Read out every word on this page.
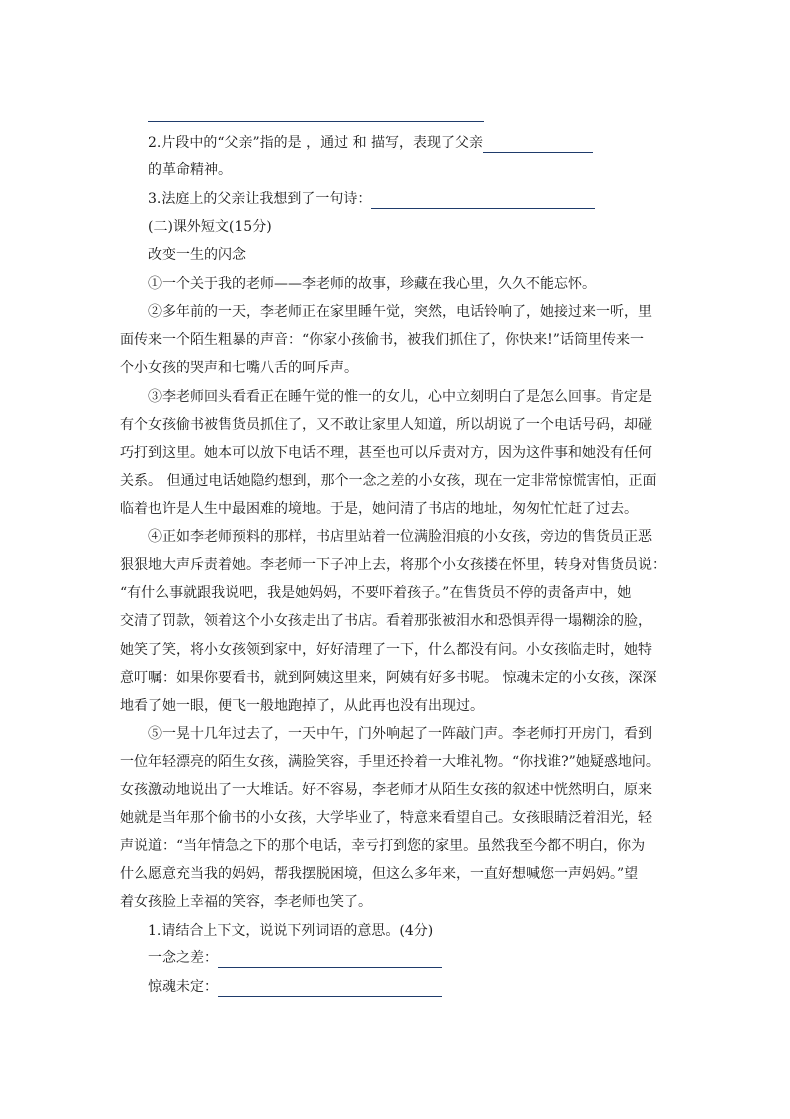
2.片段中的“父亲”指的是 ，通过 和 描写，表现了父亲
的革命精神。
3.法庭上的父亲让我想到了一句诗：
(二)课外短文(15分)
改变一生的闪念
①一个关于我的老师——李老师的故事，珍藏在我心里，久久不能忘怀。
②多年前的一天，李老师正在家里睡午觉，突然，电话铃响了，她接过来一听，里
面传来一个陌生粗暴的声音：“你家小孩偷书，被我们抓住了，你快来!”话筒里传来一
个小女孩的哭声和七嘴八舌的呵斥声。
③李老师回头看看正在睡午觉的惟一的女儿，心中立刻明白了是怎么回事。肯定是
有个女孩偷书被售货员抓住了，又不敢让家里人知道，所以胡说了一个电话号码，却碰
巧打到这里。她本可以放下电话不理，甚至也可以斥责对方，因为这件事和她没有任何
关系。 但通过电话她隐约想到，那个一念之差的小女孩，现在一定非常惊慌害怕，正面
临着也许是人生中最困难的境地。于是，她问清了书店的地址，匆匆忙忙赶了过去。
④正如李老师预料的那样，书店里站着一位满脸泪痕的小女孩，旁边的售货员正恶
狠狠地大声斥责着她。李老师一下子冲上去，将那个小女孩搂在怀里，转身对售货员说：
“有什么事就跟我说吧，我是她妈妈，不要吓着孩子。”在售货员不停的责备声中，她
交清了罚款，领着这个小女孩走出了书店。看着那张被泪水和恐惧弄得一塌糊涂的脸，
她笑了笑，将小女孩领到家中，好好清理了一下，什么都没有问。小女孩临走时，她特
意叮嘱：如果你要看书，就到阿姨这里来，阿姨有好多书呢。 惊魂未定的小女孩，深深
地看了她一眼，便飞一般地跑掉了，从此再也没有出现过。
⑤一晃十几年过去了，一天中午，门外响起了一阵敲门声。李老师打开房门，看到
一位年轻漂亮的陌生女孩，满脸笑容，手里还拎着一大堆礼物。“你找谁?”她疑惑地问。
女孩激动地说出了一大堆话。好不容易，李老师才从陌生女孩的叙述中恍然明白，原来
她就是当年那个偷书的小女孩，大学毕业了，特意来看望自己。女孩眼睛泛着泪光，轻
声说道：“当年情急之下的那个电话，幸亏打到您的家里。虽然我至今都不明白，你为
什么愿意充当我的妈妈，帮我摆脱困境，但这么多年来，一直好想喊您一声妈妈。”望
着女孩脸上幸福的笑容，李老师也笑了。
1.请结合上下文，说说下列词语的意思。(4分)
一念之差：
惊魂未定：
